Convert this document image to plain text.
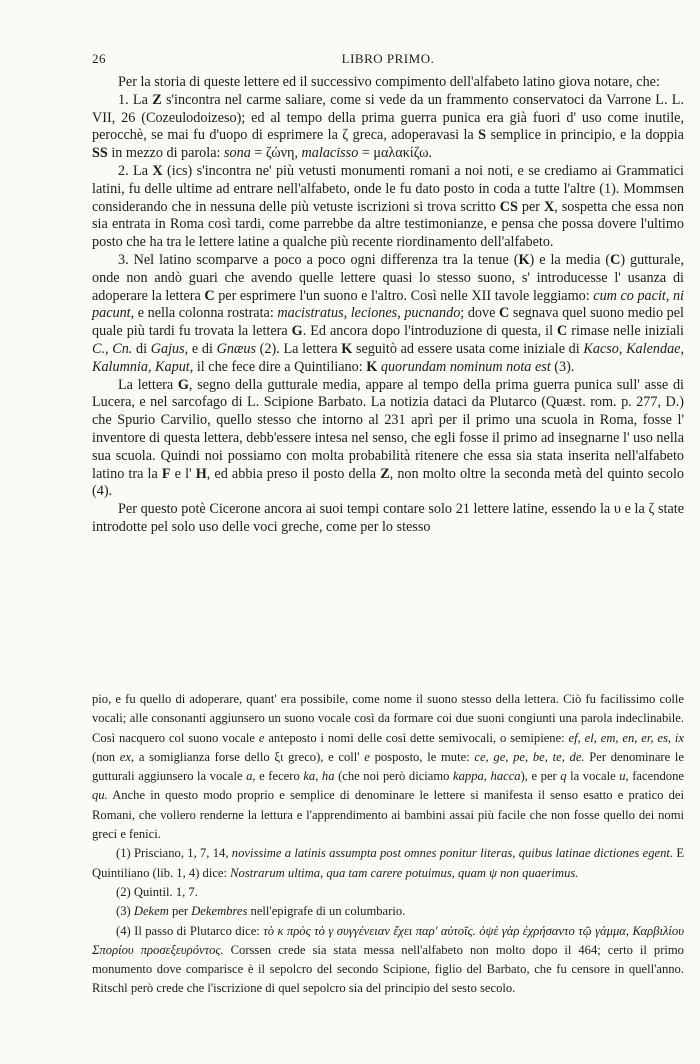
26	LIBRO PRIMO.

Per la storia di queste lettere ed il successivo compimento dell'alfabeto latino giova notare, che:

1. La Z s'incontra nel carme saliare, come si vede da un frammento conservatoci da Varrone L. L. VII, 26 (Cozeulodoizeso); ed al tempo della prima guerra punica era già fuori d' uso come inutile, perocchè, se mai fu d'uopo di esprimere la ζ greca, adoperavasi la S semplice in principio, e la doppia SS in mezzo di parola: sona = ζώνη, malacisso = μαλακίζω.

2. La X (ics) s'incontra ne' più vetusti monumenti romani a noi noti, e se crediamo ai Grammatici latini, fu delle ultime ad entrare nell'alfabeto, onde le fu dato posto in coda a tutte l'altre (1). Mommsen considerando che in nessuna delle più vetuste iscrizioni si trova scritto CS per X, sospetta che essa non sia entrata in Roma così tardi, come parrebbe da altre testimonianze, e pensa che possa dovere l'ultimo posto che ha tra le lettere latine a qualche più recente riordinamento dell'alfabeto.

3. Nel latino scomparve a poco a poco ogni differenza tra la tenue (K) e la media (C) gutturale, onde non andò guari che avendo quelle lettere quasi lo stesso suono, s' introducesse l' usanza di adoperare la lettera C per esprimere l'un suono e l'altro. Così nelle XII tavole leggiamo: cum co pacit, ni pacunt, e nella colonna rostrata: macistratus, leciones, pucnando; dove C segnava quel suono medio pel quale più tardi fu trovata la lettera G. Ed ancora dopo l'introduzione di questa, il C rimase nelle iniziali C., Cn. di Gajus, e di Gnæus (2). La lettera K seguitò ad essere usata come iniziale di Kacso, Kalendae, Kalumnia, Kaput, il che fece dire a Quintiliano: K quorundam nominum nota est (3).

La lettera G, segno della gutturale media, appare al tempo della prima guerra punica sull' asse di Lucera, e nel sarcofago di L. Scipione Barbato. La notizia dataci da Plutarco (Quæst. rom. p. 277, D.) che Spurio Carvilio, quello stesso che intorno al 231 aprì per il primo una scuola in Roma, fosse l' inventore di questa lettera, debb'essere intesa nel senso, che egli fosse il primo ad insegnarne l' uso nella sua scuola. Quindi noi possiamo con molta probabilità ritenere che essa sia stata inserita nell'alfabeto latino tra la F e l' H, ed abbia preso il posto della Z, non molto oltre la seconda metà del quinto secolo (4).

Per questo potè Cicerone ancora ai suoi tempi contare solo 21 lettere latine, essendo la υ e la ζ state introdotte pel solo uso delle voci greche, come per lo stesso

pio, e fu quello di adoperare, quant' era possibile, come nome il suono stesso della lettera. Ciò fu facilissimo colle vocali; alle consonanti aggiunsero un suono vocale così da formare coi due suoni congiunti una parola indeclinabile. Così nacquero col suono vocale e anteposto i nomi delle così dette semivocali, o semipiene: ef, el, em, en, er, es, ix (non ex, a somiglianza forse dello ξι greco), e coll' e posposto, le mute: ce, ge, pe, be, te, de. Per denominare le gutturali aggiunsero la vocale a, e fecero ka, ha (che noi però diciamo kappa, hacca), e per q la vocale u, facendone qu. Anche in questo modo proprio e semplice di denominare le lettere si manifesta il senso esatto e pratico dei Romani, che vollero renderne la lettura e l'apprendimento ai bambini assai più facile che non fosse quello dei nomi greci e fenici.

(1) Prisciano, 1, 7, 14, novissime a latinis assumpta post omnes ponitur literas, quibus latinae dictiones egent. E Quintiliano (lib. 1, 4) dice: Nostrarum ultima, qua tam carere potuimus, quam ψ non quaerimus.

(2) Quintil. 1, 7.

(3) Dekem per Dekembres nell'epigrafe di un columbario.

(4) Il passo di Plutarco dice: τὸ κ πρὸς τὸ γ συγγένειαν ἔχει παρ' αὐτοῖς. ὀψὲ γὰρ ἐχρήσαντο τῷ γάμμα, Καρβιλίου Σπορίου προσεξευρόντος. Corssen crede sia stata messa nell'alfabeto non molto dopo il 464; certo il primo monumento dove comparisce è il sepolcro del secondo Scipione, figlio del Barbato, che fu censore in quell'anno. Ritschl però crede che l'iscrizione di quel sepolcro sia del principio del sesto secolo.
